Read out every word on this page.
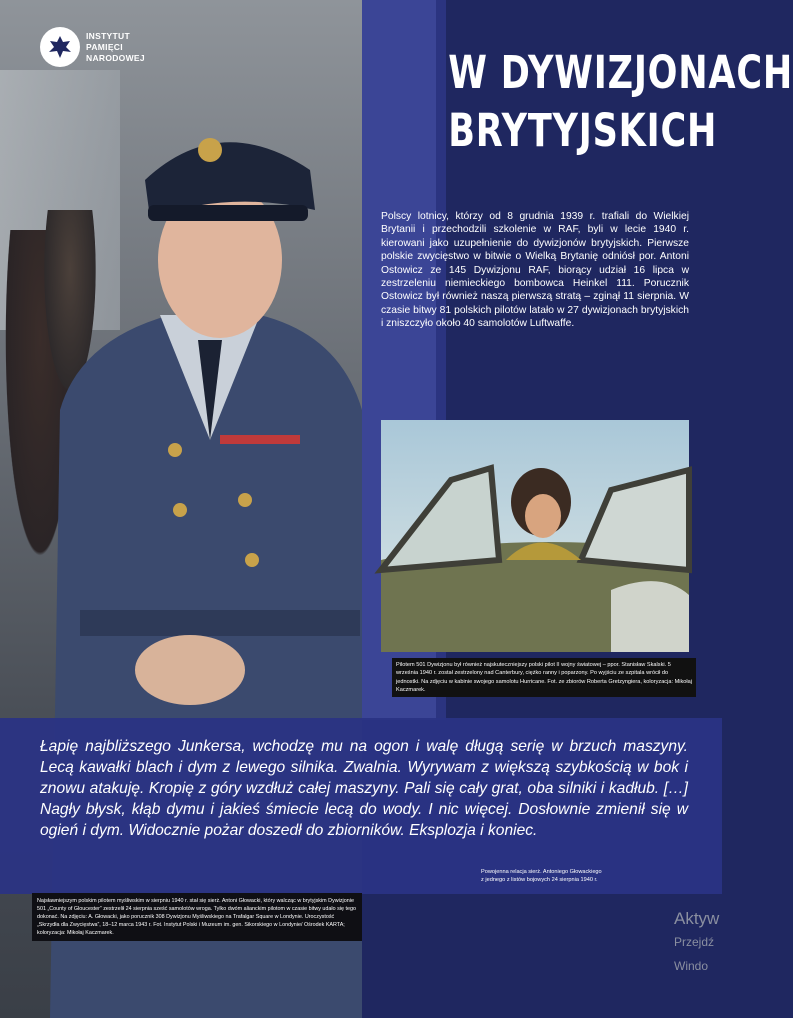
INSTYTUT
PAMIĘCI
NARODOWEJ	W DYWIZJONACH
BRYTYJSKICH
Polscy lotnicy, którzy od 8 grudnia 1939 r. trafiali do Wielkiej Brytanii i przechodzili szkolenie w RAF, byli w lecie 1940 r. kierowani jako uzupełnienie do dywizjonów brytyjskich. Pierwsze polskie zwycięstwo w bitwie o Wielką Brytanię odniósł por. Antoni Ostowicz ze 145 Dywizjonu RAF, biorący udział 16 lipca w zestrzeleniu niemieckiego bombowca Heinkel 111. Porucznik Ostowicz był również naszą pierwszą stratą – zginął 11 sierpnia. W czasie bitwy 81 polskich pilotów latało w 27 dywizjonach brytyjskich i zniszczyło około 40 samolotów Luftwaffe.
Pilotem 501 Dywizjonu był również najskuteczniejszy polski pilot II wojny światowej – ppor. Stanisław Skalski. 5 września 1940 r. został zestrzelony nad Canterbury, ciężko ranny i poparzony. Po wyjściu ze szpitala wrócił do jednostki. Na zdjęciu w kabinie swojego samolotu Hurricane. Fot. ze zbiorów Roberta Gretzyngiera, koloryzacja: Mikołaj Kaczmarek.
Łapię najbliższego Junkersa, wchodzę mu na ogon i walę długą serię w brzuch maszyny. Lecą kawałki blach i dym z lewego silnika. Zwalnia. Wyrywam z większą szybkością w bok i znowu atakuję. Kropię z góry wzdłuż całej maszyny. Pali się cały grat, oba silniki i kadłub. […] Nagły błysk, kłąb dymu i jakieś śmiecie lecą do wody. I nic więcej. Dosłownie zmienił się w ogień i dym. Widocznie pożar doszedł do zbiorników. Eksplozja i koniec.
Powojenna relacja sierż. Antoniego Głowackiego
z jednego z listów bojowych 24 sierpnia 1940 r.
Najsławniejszym polskim pilotem myśliwskim w sierpniu 1940 r. stał się sierż. Antoni Głowacki, który walcząc w brytyjskim Dywizjonie 501 „County of Gloucester” zestrzelił 24 sierpnia sześć samolotów wroga. Tylko dwóm alianckim pilotom w czasie bitwy udało się tego dokonać. Na zdjęciu: A. Głowacki, jako porucznik 308 Dywizjonu Myśliwskiego na Trafalgar Square w Londynie. Uroczystość „Skrzydła dla Zwycięstwa”, 18–12 marca 1943 r. Fot. Instytut Polski i Muzeum im. gen. Sikorskiego w Londynie/ Ośrodek KARTA; koloryzacja: Mikołaj Kaczmarek.
Aktyw
Przejdź
Windo
